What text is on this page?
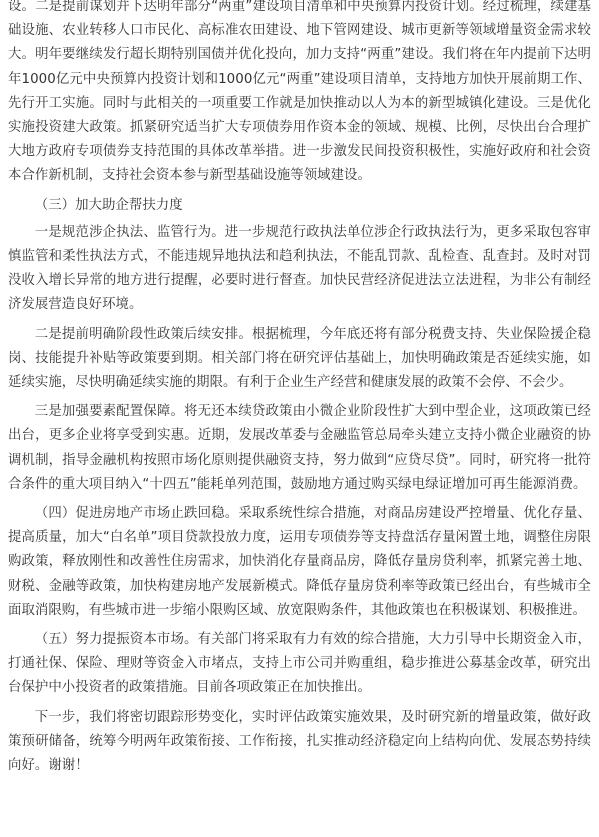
设。二是提前谋划并下达明年部分“两重”建设项目清单和中央预算内投资计划。经过梳理，续建基础设施、农业转移人口市民化、高标准农田建设、地下管网建设、城市更新等领域增量资金需求较大。明年要继续发行超长期特别国债并优化投向，加力支持“两重”建设。我们将在年内提前下达明年1000亿元中央预算内投资计划和1000亿元“两重”建设项目清单，支持地方加快开展前期工作、先行开工实施。同时与此相关的一项重要工作就是加快推动以人为本的新型城镇化建设。三是优化实施投资建大政策。抓紧研究适当扩大专项债券用作资本金的领域、规模、比例，尽快出台合理扩大地方政府专项债券支持范围的具体改革举措。进一步激发民间投资积极性，实施好政府和社会资本合作新机制，支持社会资本参与新型基础设施等领域建设。

（三）加大助企帮扶力度

一是规范涉企执法、监管行为。进一步规范行政执法单位涉企行政执法行为，更多采取包容审慎监管和柔性执法方式，不能违规异地执法和趋利执法，不能乱罚款、乱检查、乱查封。及时对罚没收入增长异常的地方进行提醒，必要时进行督查。加快民营经济促进法立法进程，为非公有制经济发展营造良好环境。

二是提前明确阶段性政策后续安排。根据梳理，今年底还将有部分税费支持、失业保险援企稳岗、技能提升补贴等政策要到期。相关部门将在研究评估基础上，加快明确政策是否延续实施，如延续实施，尽快明确延续实施的期限。有利于企业生产经营和健康发展的政策不会停、不会少。

三是加强要素配置保障。将无还本续贷政策由小微企业阶段性扩大到中型企业，这项政策已经出台，更多企业将享受到实惠。近期，发展改革委与金融监管总局牵头建立支持小微企业融资的协调机制，指导金融机构按照市场化原则提供融资支持，努力做到“应贷尽贷”。同时，研究将一批符合条件的重大项目纳入“十四五”能耗单列范围，鼓励地方通过购买绿电绿证增加可再生能源消费。

（四）促进房地产市场止跌回稳。采取系统性综合措施，对商品房建设严控增量、优化存量、提高质量，加大“白名单”项目贷款投放力度，运用专项债券等支持盘活存量闲置土地，调整住房限购政策，释放刚性和改善性住房需求，加快消化存量商品房，降低存量房贷利率，抓紧完善土地、财税、金融等政策，加快构建房地产发展新模式。降低存量房贷利率等政策已经出台，有些城市全面取消限购，有些城市进一步缩小限购区域、放宽限购条件，其他政策也在积极谋划、积极推进。

（五）努力提振资本市场。有关部门将采取有力有效的综合措施，大力引导中长期资金入市，打通社保、保险、理财等资金入市堵点，支持上市公司并购重组，稳步推进公募基金改革，研究出台保护中小投资者的政策措施。目前各项政策正在加快推出。

下一步，我们将密切跟踪形势变化，实时评估政策实施效果，及时研究新的增量政策，做好政策预研储备，统筹今明两年政策衔接、工作衔接，扎实推动经济稳定向上结构向优、发展态势持续向好。谢谢！
